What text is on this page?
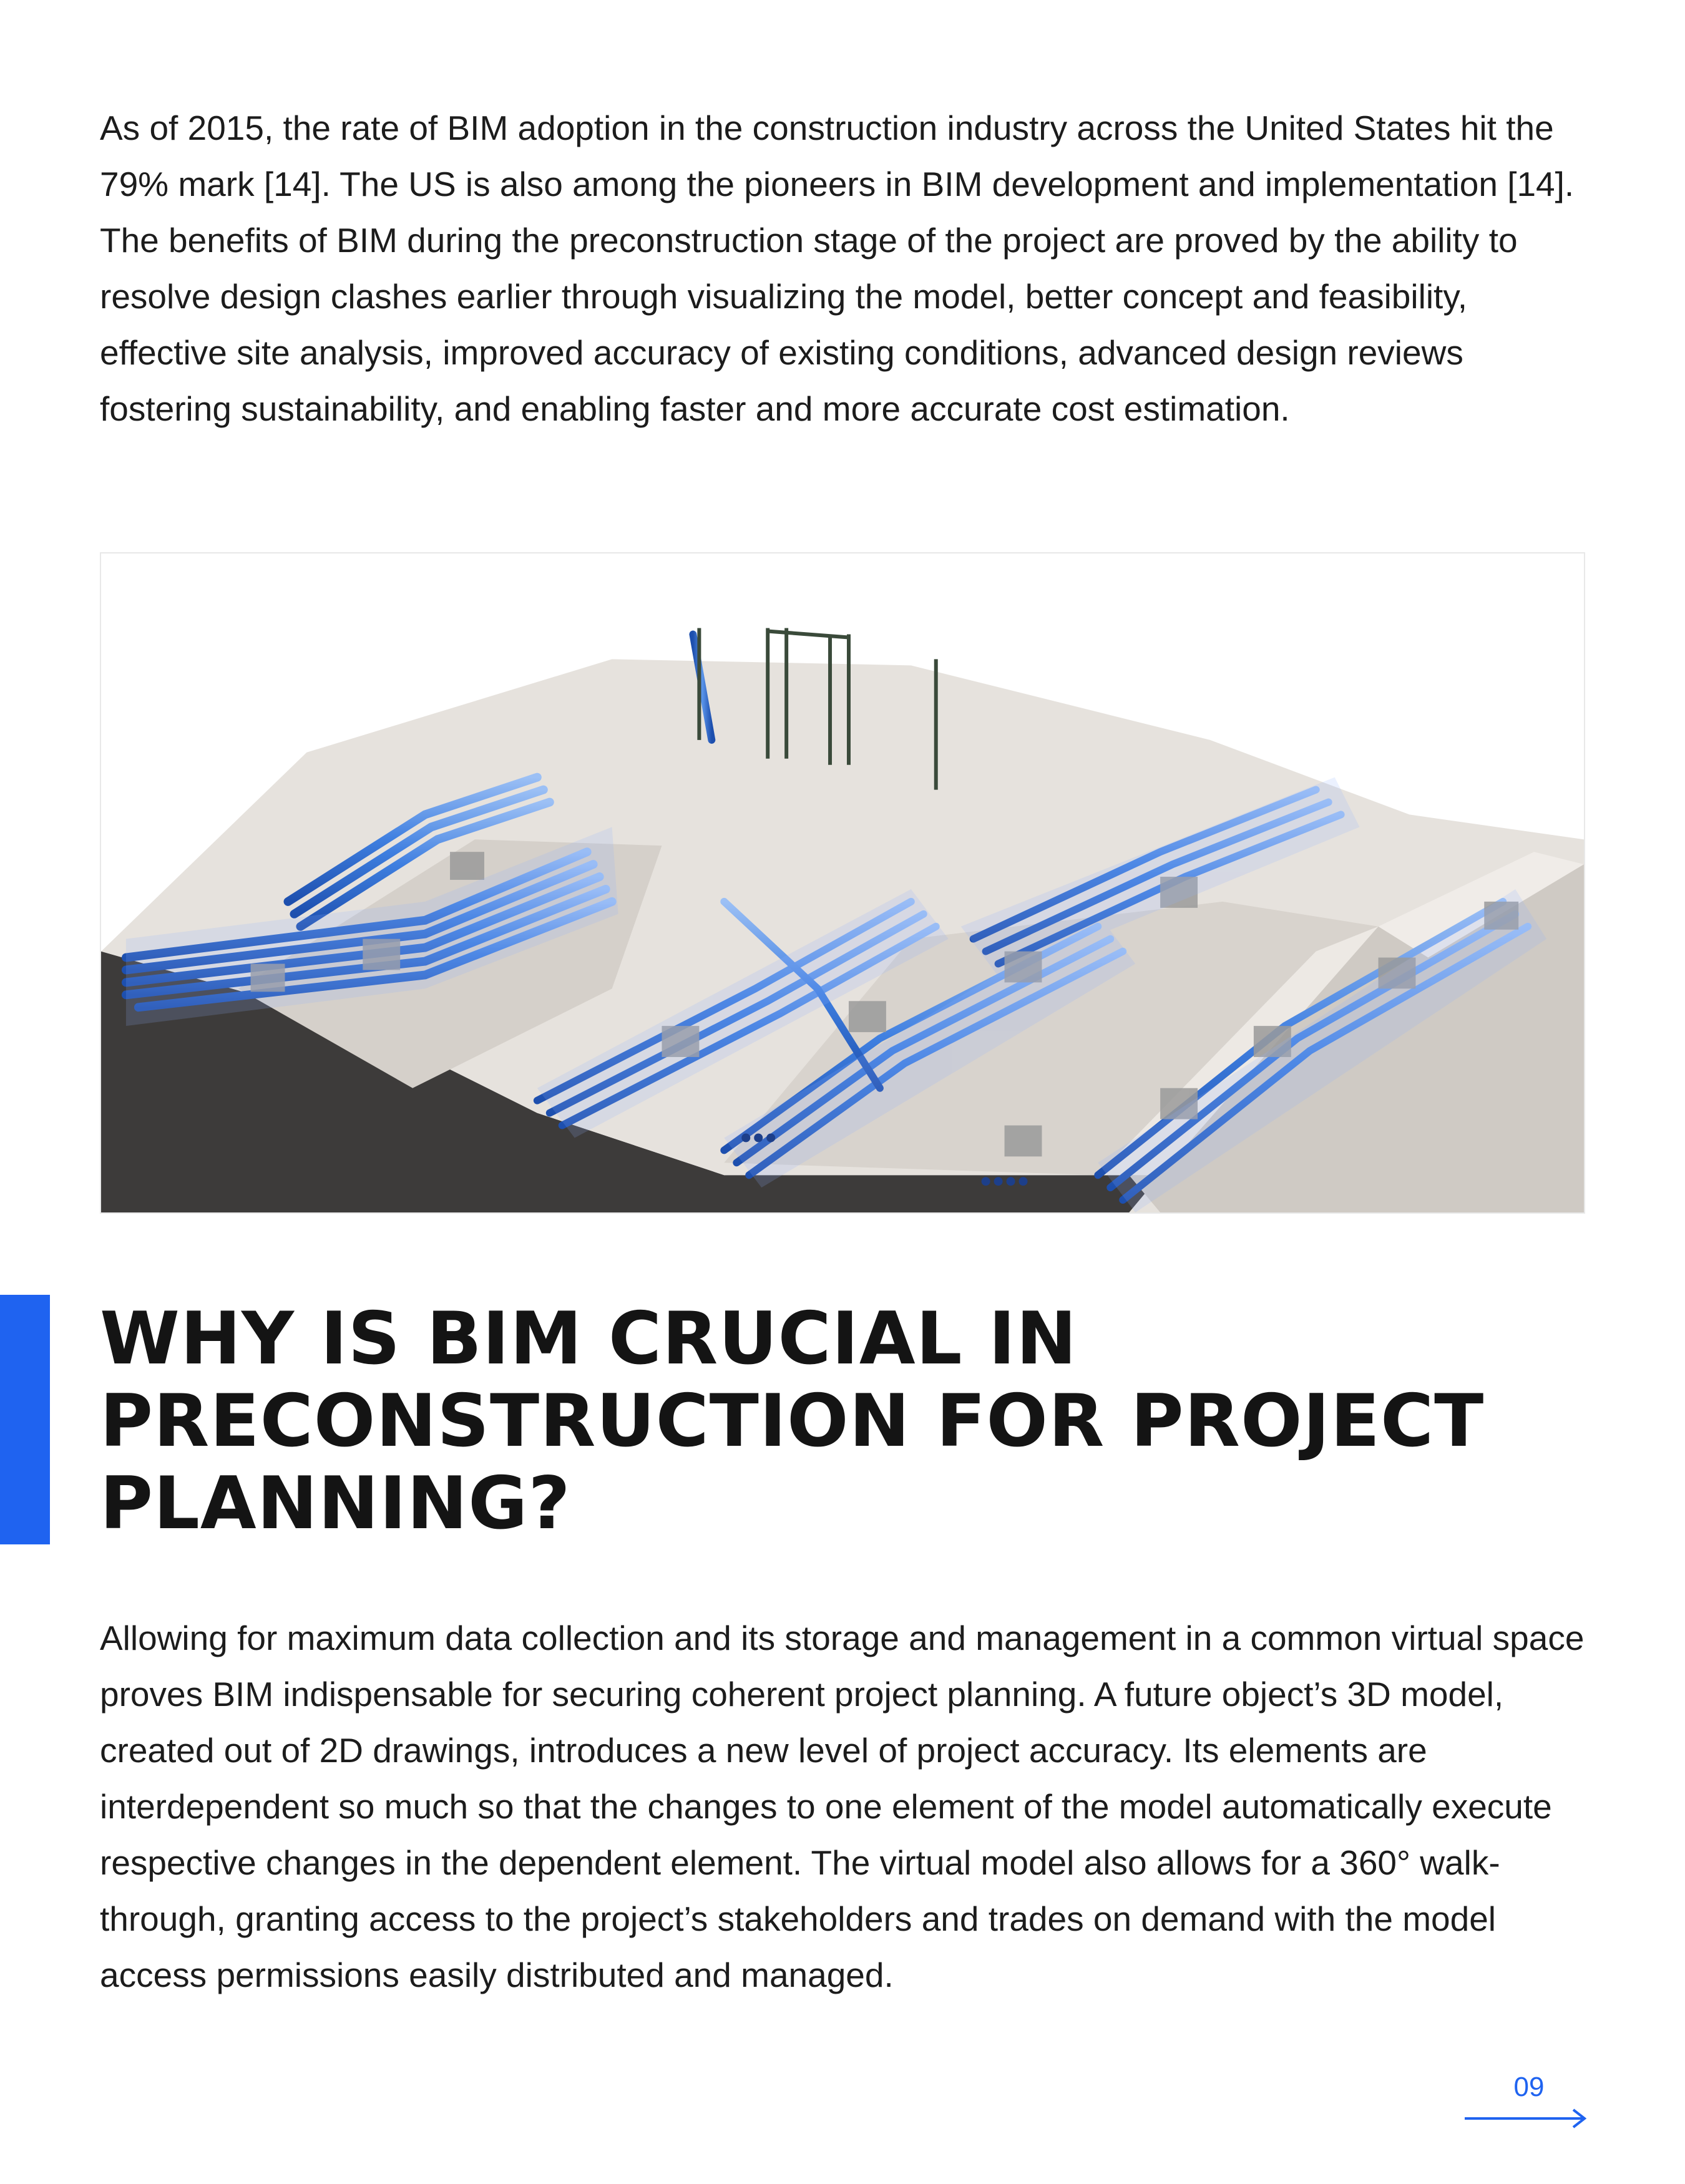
As of 2015, the rate of BIM adoption in the construction industry across the United States hit the 79% mark [14]. The US is also among the pioneers in BIM development and implementation [14]. The benefits of BIM during the preconstruction stage of the project are proved by the ability to resolve design clashes earlier through visualizing the model, better concept and feasibility, effective site analysis, improved accuracy of existing conditions, advanced design reviews fostering sustainability, and enabling faster and more accurate cost estimation.

WHY IS BIM CRUCIAL IN PRECONSTRUCTION FOR PROJECT PLANNING?

Allowing for maximum data collection and its storage and management in a common virtual space proves BIM indispensable for securing coherent project planning. A future object’s 3D model, created out of 2D drawings, introduces a new level of project accuracy. Its elements are interdependent so much so that the changes to one element of the model automatically execute respective changes in the dependent element. The virtual model also allows for a 360° walk-through, granting access to the project’s stakeholders and trades on demand with the model access permissions easily distributed and managed.

09
